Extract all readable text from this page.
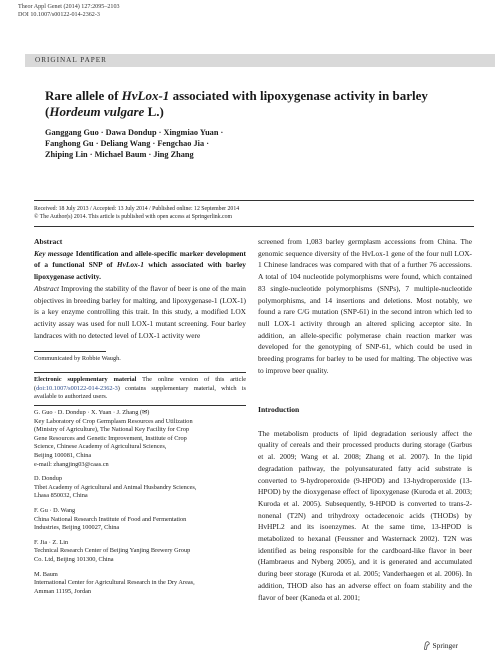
Theor Appl Genet (2014) 127:2095–2103
DOI 10.1007/s00122-014-2362-3
ORIGINAL PAPER
Rare allele of HvLox-1 associated with lipoxygenase activity in barley (Hordeum vulgare L.)
Ganggang Guo · Dawa Dondup · Xingmiao Yuan ·
Fanghong Gu · Deliang Wang · Fengchao Jia ·
Zhiping Lin · Michael Baum · Jing Zhang
Received: 18 July 2013 / Accepted: 13 July 2014 / Published online: 12 September 2014
© The Author(s) 2014. This article is published with open access at Springerlink.com

Abstract

Key message Identification and allele-specific marker development of a functional SNP of HvLox-1 which associated with barley lipoxygenase activity.

Abstract Improving the stability of the flavor of beer is one of the main objectives in breeding barley for malting, and lipoxygenase-1 (LOX-1) is a key enzyme controlling this trait. In this study, a modified LOX activity assay was used for null LOX-1 mutant screening. Four barley landraces with no detected level of LOX-1 activity were

Communicated by Robbie Waugh.
Electronic supplementary material The online version of this article (doi:10.1007/s00122-014-2362-3) contains supplementary material, which is available to authorized users.
G. Guo · D. Dondup · X. Yuan · J. Zhang (✉)
Key Laboratory of Crop Germplasm Resources and Utilization
(Ministry of Agriculture), The National Key Facility for Crop
Gene Resources and Genetic Improvement, Institute of Crop
Science, Chinese Academy of Agricultural Sciences,
Beijing 100081, China
e-mail: zhangjing03@caas.cn
D. Dondup
Tibet Academy of Agricultural and Animal Husbandry Sciences,
Lhasa 850032, China
F. Gu · D. Wang
China National Research Institute of Food and Fermentation
Industries, Beijing 100027, China
F. Jia · Z. Lin
Technical Research Center of Beijing Yanjing Brewery Group
Co. Ltd, Beijing 101300, China
M. Baum
International Center for Agricultural Research in the Dry Areas,
Amman 11195, Jordan

screened from 1,083 barley germplasm accessions from China. The genomic sequence diversity of the HvLox-1 gene of the four null LOX-1 Chinese landraces was compared with that of a further 76 accessions. A total of 104 nucleotide polymorphisms were found, which contained 83 single-nucleotide polymorphisms (SNPs), 7 multiple-nucleotide polymorphisms, and 14 insertions and deletions. Most notably, we found a rare C/G mutation (SNP-61) in the second intron which led to null LOX-1 activity through an altered splicing acceptor site. In addition, an allele-specific polymerase chain reaction marker was developed for the genotyping of SNP-61, which could be used in breeding programs for barley to be used for malting. The objective was to improve beer quality.

Introduction

The metabolism products of lipid degradation seriously affect the quality of cereals and their processed products during storage (Garbus et al. 2009; Wang et al. 2008; Zhang et al. 2007). In the lipid degradation pathway, the polyunsaturated fatty acid substrate is converted to 9-hydroperoxide (9-HPOD) and 13-hydroperoxide (13-HPOD) by the dioxygenase effect of lipoxygenase (Kuroda et al. 2003; Kuroda et al. 2005). Subsequently, 9-HPOD is converted to trans-2-nonenal (T2N) and trihydroxy octadecenoic acids (THODs) by HvHPL2 and its isoenzymes. At the same time, 13-HPOD is metabolized to hexanal (Feussner and Wasternack 2002). T2N was identified as being responsible for the cardboard-like flavor in beer (Hambraeus and Nyberg 2005), and it is generated and accumulated during beer storage (Kuroda et al. 2005; Vanderhaegen et al. 2006). In addition, THOD also has an adverse effect on foam stability and the flavor of beer (Kaneda et al. 2001;

Springer
